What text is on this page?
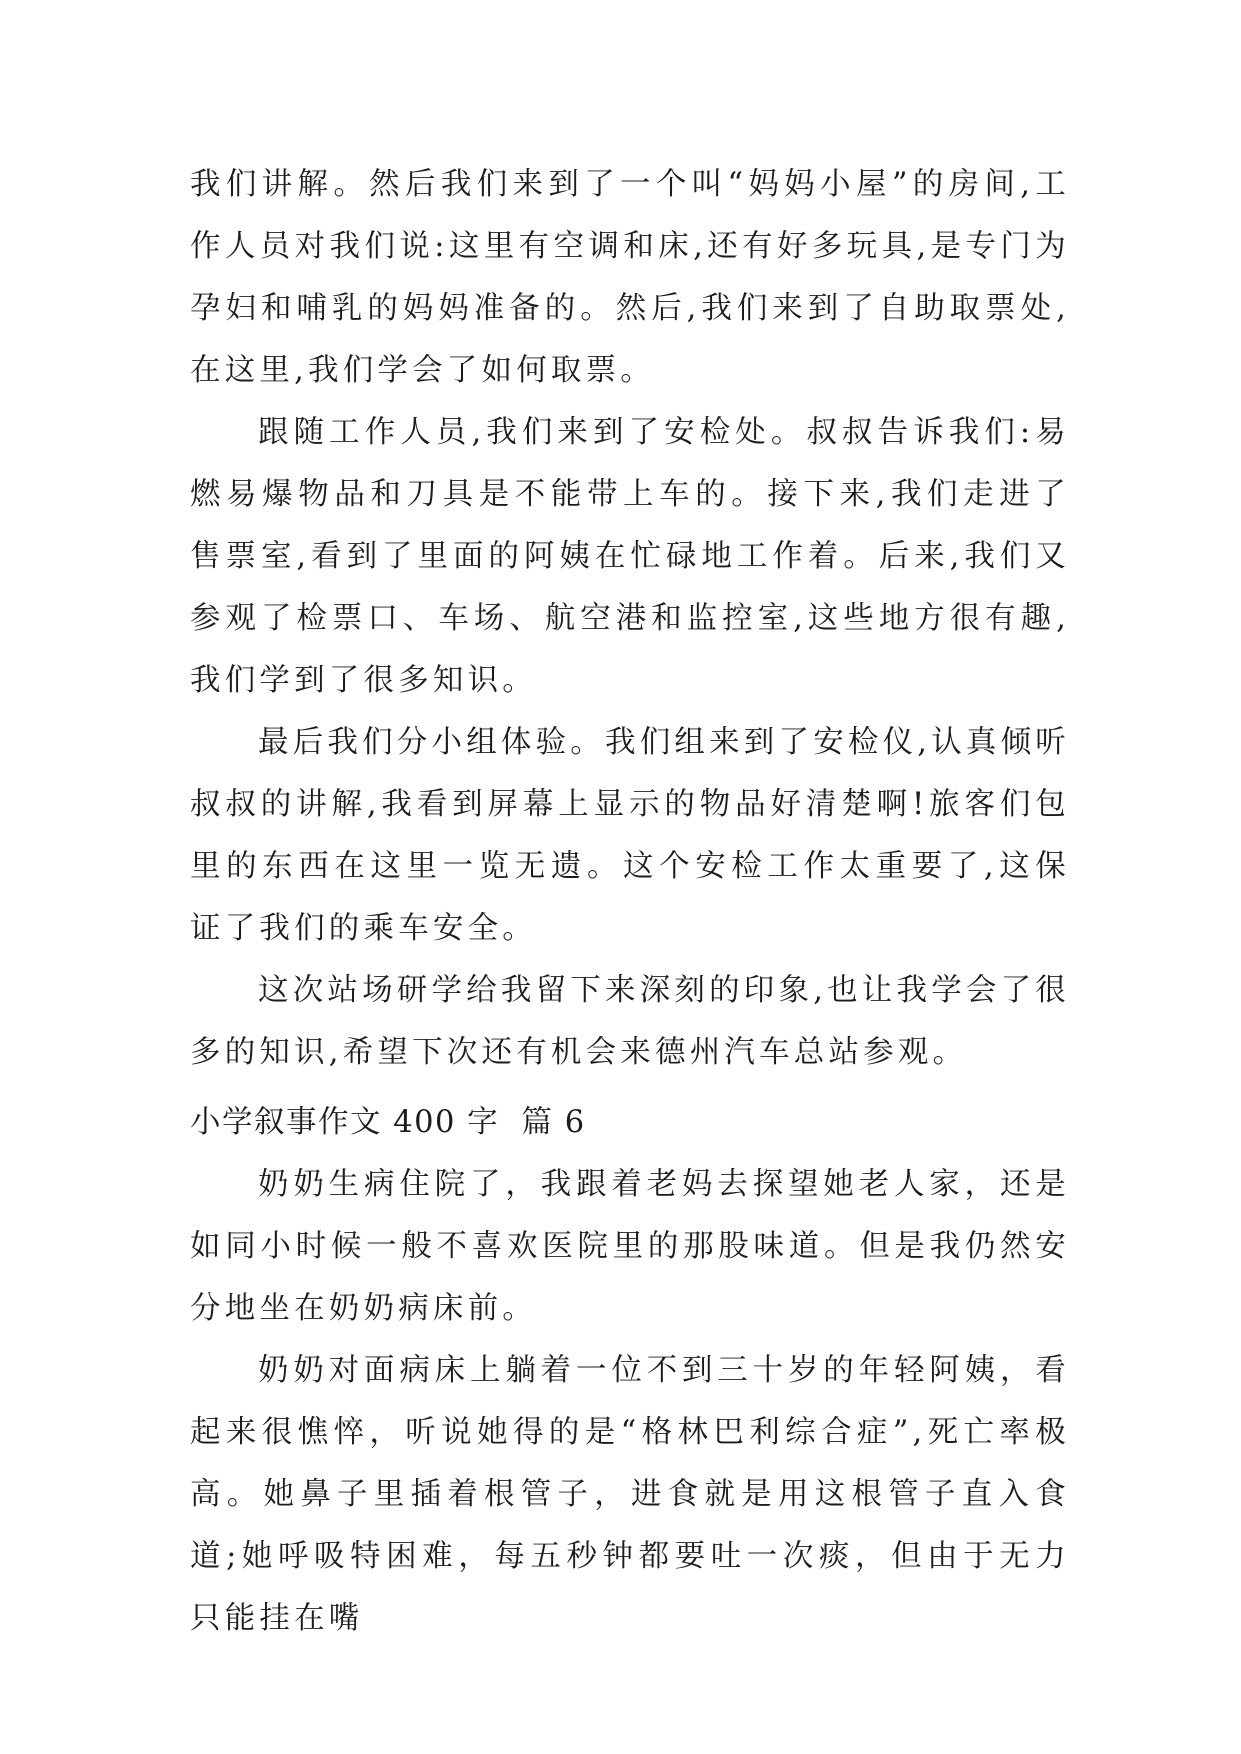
我们讲解。然后我们来到了一个叫“妈妈小屋”的房间,工作人员对我们说:这里有空调和床,还有好多玩具,是专门为孕妇和哺乳的妈妈准备的。然后,我们来到了自助取票处,在这里,我们学会了如何取票。

跟随工作人员,我们来到了安检处。叔叔告诉我们:易燃易爆物品和刀具是不能带上车的。接下来,我们走进了售票室,看到了里面的阿姨在忙碌地工作着。后来,我们又参观了检票口、车场、航空港和监控室,这些地方很有趣,我们学到了很多知识。

最后我们分小组体验。我们组来到了安检仪,认真倾听叔叔的讲解,我看到屏幕上显示的物品好清楚啊!旅客们包里的东西在这里一览无遗。这个安检工作太重要了,这保证了我们的乘车安全。

这次站场研学给我留下来深刻的印象,也让我学会了很多的知识,希望下次还有机会来德州汽车总站参观。

小学叙事作文 400 字  篇 6

奶奶生病住院了，我跟着老妈去探望她老人家，还是如同小时候一般不喜欢医院里的那股味道。但是我仍然安分地坐在奶奶病床前。

奶奶对面病床上躺着一位不到三十岁的年轻阿姨，看起来很憔悴，听说她得的是“格林巴利综合症”,死亡率极高。她鼻子里插着根管子，进食就是用这根管子直入食道;她呼吸特困难，每五秒钟都要吐一次痰，但由于无力只能挂在嘴
